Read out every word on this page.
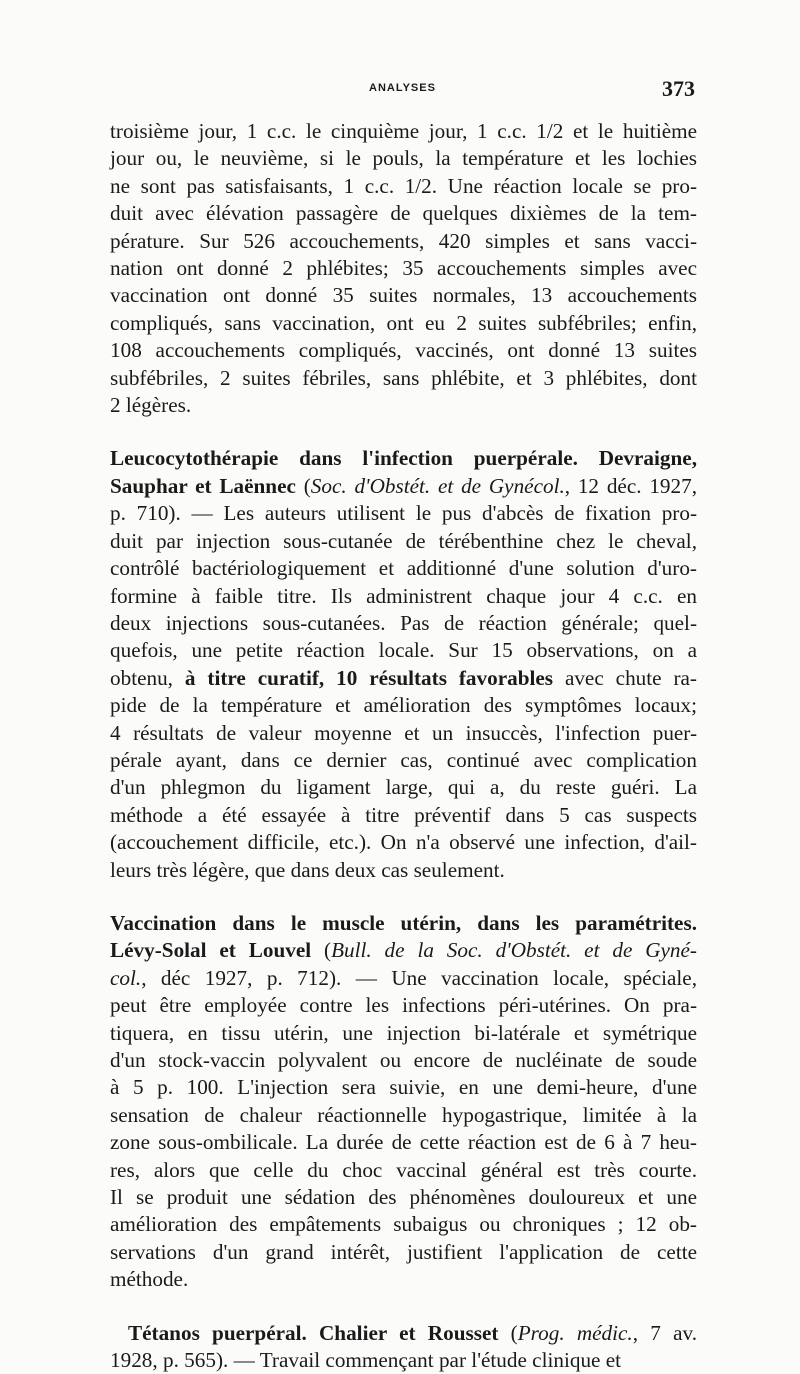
ANALYSES	373
troisième jour, 1 c.c. le cinquième jour, 1 c.c. 1/2 et le huitième
jour ou, le neuvième, si le pouls, la température et les lochies
ne sont pas satisfaisants, 1 c.c. 1/2. Une réaction locale se pro-
duit avec élévation passagère de quelques dixièmes de la tem-
pérature. Sur 526 accouchements, 420 simples et sans vacci-
nation ont donné 2 phlébites; 35 accouchements simples avec
vaccination ont donné 35 suites normales, 13 accouchements
compliqués, sans vaccination, ont eu 2 suites subfébriles; enfin,
108 accouchements compliqués, vaccinés, ont donné 13 suites
subfébriles, 2 suites fébriles, sans phlébite, et 3 phlébites, dont
2 légères.
Leucocytothérapie dans l'infection puerpérale. Devraigne,
Sauphar et Laënnec (Soc. d'Obstét. et de Gynécol., 12 déc. 1927,
p. 710). — Les auteurs utilisent le pus d'abcès de fixation pro-
duit par injection sous-cutanée de térébenthine chez le cheval,
contrôlé bactériologiquement et additionné d'une solution d'uro-
formine à faible titre. Ils administrent chaque jour 4 c.c. en
deux injections sous-cutanées. Pas de réaction générale; quel-
quefois, une petite réaction locale. Sur 15 observations, on a
obtenu, à titre curatif, 10 résultats favorables avec chute ra-
pide de la température et amélioration des symptômes locaux;
4 résultats de valeur moyenne et un insuccès, l'infection puer-
pérale ayant, dans ce dernier cas, continué avec complication
d'un phlegmon du ligament large, qui a, du reste guéri. La
méthode a été essayée à titre préventif dans 5 cas suspects
(accouchement difficile, etc.). On n'a observé une infection, d'ail-
leurs très légère, que dans deux cas seulement.
Vaccination dans le muscle utérin, dans les paramétrites.
Lévy-Solal et Louvel (Bull. de la Soc. d'Obstét. et de Gyné-
col., déc 1927, p. 712). — Une vaccination locale, spéciale,
peut être employée contre les infections péri-utérines. On pra-
tiquera, en tissu utérin, une injection bi-latérale et symétrique
d'un stock-vaccin polyvalent ou encore de nucléinate de soude
à 5 p. 100. L'injection sera suivie, en une demi-heure, d'une
sensation de chaleur réactionnelle hypogastrique, limitée à la
zone sous-ombilicale. La durée de cette réaction est de 6 à 7 heu-
res, alors que celle du choc vaccinal général est très courte.
Il se produit une sédation des phénomènes douloureux et une
amélioration des empâtements subaigus ou chroniques ; 12 ob-
servations d'un grand intérêt, justifient l'application de cette
méthode.
Tétanos puerpéral. Chalier et Rousset (Prog. médic., 7 av.
1928, p. 565). — Travail commençant par l'étude clinique et
